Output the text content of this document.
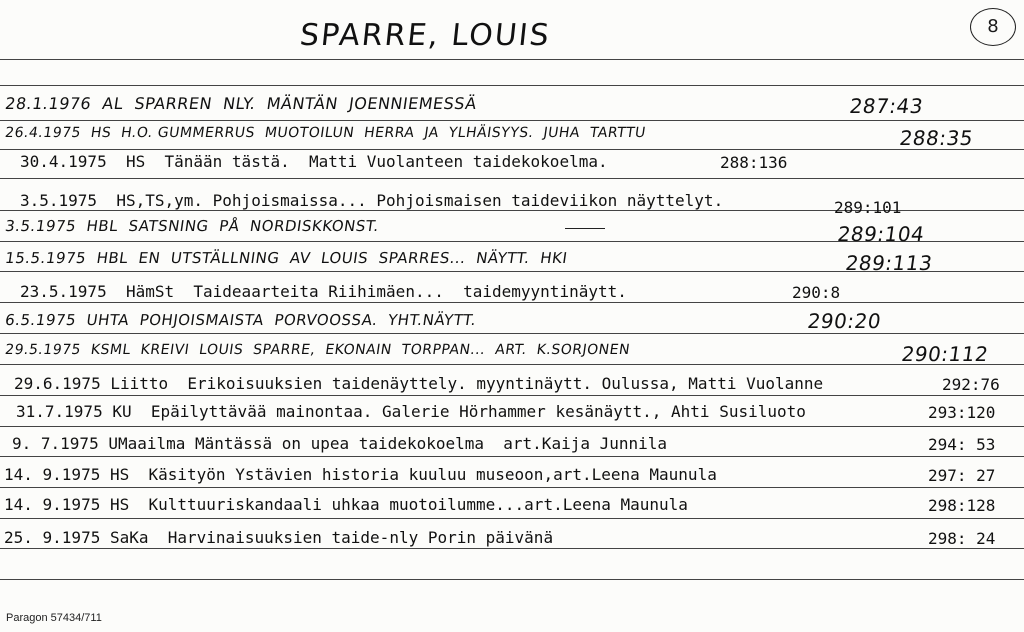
SPARRE, LOUIS	8
28.1.1976  AL  SPARREN  NLY.  MÄNTÄN  JOENNIEMESSÄ	287:43
26.4.1975  HS  H.O. GUMMERRUS  MUOTOILUN  HERRA  JA  YLHÄISYYS.  JUHA  TARTTU	288:35
30.4.1975  HS  Tänään tästä.  Matti Vuolanteen taidekokoelma.	288:136
3.5.1975  HS,TS,ym. Pohjoismaissa... Pohjoismaisen taideviikon näyttelyt.	289:101
3.5.1975  HBL  SATSNING  PÅ  NORDISKKONST.	289:104
15.5.1975  HBL  EN  UTSTÄLLNING  AV  LOUIS  SPARRES...  NÄYTT.  HKI	289:113
23.5.1975  HämSt  Taideaarteita Riihimäen...  taidemyyntinäytt.	290:8
6.5.1975  UHTA  POHJOISMAISTA  PORVOOSSA.  YHT.NÄYTT.	290:20
29.5.1975  KSML  KREIVI  LOUIS  SPARRE,  EKONAIN  TORPPAN...  ART.  K.SORJONEN	290:112
29.6.1975 Liitto  Erikoisuuksien taidenäyttely. myyntinäytt. Oulussa, Matti Vuolanne	292:76
31.7.1975 KU  Epäilyttävää mainontaa. Galerie Hörhammer kesänäytt., Ahti Susiluoto	293:120
9. 7.1975 UMaailma Mäntässä on upea taidekokoelma  art.Kaija Junnila	294: 53
14. 9.1975 HS  Käsityön Ystävien historia kuuluu museoon,art.Leena Maunula	297: 27
14. 9.1975 HS  Kulttuuriskandaali uhkaa muotoilumme...art.Leena Maunula	298:128
25. 9.1975 SaKa  Harvinaisuuksien taide-nly Porin päivänä	298: 24
Paragon 57434/711
